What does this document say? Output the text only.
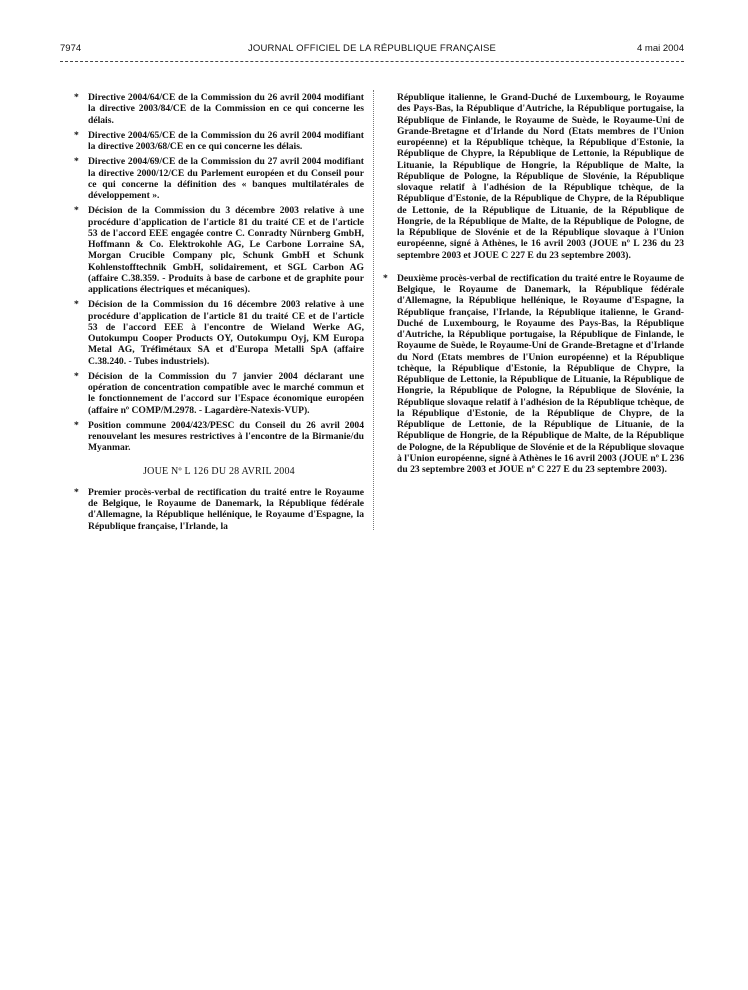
7974	JOURNAL OFFICIEL DE LA RÉPUBLIQUE FRANÇAISE	4 mai 2004
* Directive 2004/64/CE de la Commission du 26 avril 2004 modifiant la directive 2003/84/CE de la Commission en ce qui concerne les délais.
* Directive 2004/65/CE de la Commission du 26 avril 2004 modifiant la directive 2003/68/CE en ce qui concerne les délais.
* Directive 2004/69/CE de la Commission du 27 avril 2004 modifiant la directive 2000/12/CE du Parlement européen et du Conseil pour ce qui concerne la définition des « banques multilatérales de développement ».
* Décision de la Commission du 3 décembre 2003 relative à une procédure d'application de l'article 81 du traité CE et de l'article 53 de l'accord EEE engagée contre C. Conradty Nürnberg GmbH, Hoffmann & Co. Elektrokohle AG, Le Carbone Lorraine SA, Morgan Crucible Company plc, Schunk GmbH et Schunk Kohlenstofftechnik GmbH, solidairement, et SGL Carbon AG (affaire C.38.359. - Produits à base de carbone et de graphite pour applications électriques et mécaniques).
* Décision de la Commission du 16 décembre 2003 relative à une procédure d'application de l'article 81 du traité CE et de l'article 53 de l'accord EEE à l'encontre de Wieland Werke AG, Outokumpu Cooper Products OY, Outokumpu Oyj, KM Europa Metal AG, Tréfimétaux SA et d'Europa Metalli SpA (affaire C.38.240. - Tubes industriels).
* Décision de la Commission du 7 janvier 2004 déclarant une opération de concentration compatible avec le marché commun et le fonctionnement de l'accord sur l'Espace économique européen (affaire nº COMP/M.2978. - Lagardère-Natexis-VUP).
* Position commune 2004/423/PESC du Conseil du 26 avril 2004 renouvelant les mesures restrictives à l'encontre de la Birmanie/du Myanmar.
JOUE Nº L 126 DU 28 AVRIL 2004
* Premier procès-verbal de rectification du traité entre le Royaume de Belgique, le Royaume de Danemark, la République fédérale d'Allemagne, la République hellénique, le Royaume d'Espagne, la République française, l'Irlande, la
République italienne, le Grand-Duché de Luxembourg, le Royaume des Pays-Bas, la République d'Autriche, la République portugaise, la République de Finlande, le Royaume de Suède, le Royaume-Uni de Grande-Bretagne et d'Irlande du Nord (Etats membres de l'Union européenne) et la République tchèque, la République d'Estonie, la République de Chypre, la République de Lettonie, la République de Lituanie, la République de Hongrie, la République de Malte, la République de Pologne, la République de Slovénie, la République slovaque relatif à l'adhésion de la République tchèque, de la République d'Estonie, de la République de Chypre, de la République de Lettonie, de la République de Lituanie, de la République de Hongrie, de la République de Malte, de la République de Pologne, de la République de Slovénie et de la République slovaque à l'Union européenne, signé à Athènes, le 16 avril 2003 (JOUE nº L 236 du 23 septembre 2003 et JOUE C 227 E du 23 septembre 2003).
* Deuxième procès-verbal de rectification du traité entre le Royaume de Belgique, le Royaume de Danemark, la République fédérale d'Allemagne, la République hellénique, le Royaume d'Espagne, la République française, l'Irlande, la République italienne, le Grand-Duché de Luxembourg, le Royaume des Pays-Bas, la République d'Autriche, la République portugaise, la République de Finlande, le Royaume de Suède, le Royaume-Uni de Grande-Bretagne et d'Irlande du Nord (Etats membres de l'Union européenne) et la République tchèque, la République d'Estonie, la République de Chypre, la République de Lettonie, la République de Lituanie, la République de Hongrie, la République de Pologne, la République de Slovénie, la République slovaque relatif à l'adhésion de la République tchèque, de la République d'Estonie, de la République de Chypre, de la République de Lettonie, de la République de Lituanie, de la République de Hongrie, de la République de Malte, de la République de Pologne, de la République de Slovénie et de la République slovaque à l'Union européenne, signé à Athènes le 16 avril 2003 (JOUE nº L 236 du 23 septembre 2003 et JOUE nº C 227 E du 23 septembre 2003).
